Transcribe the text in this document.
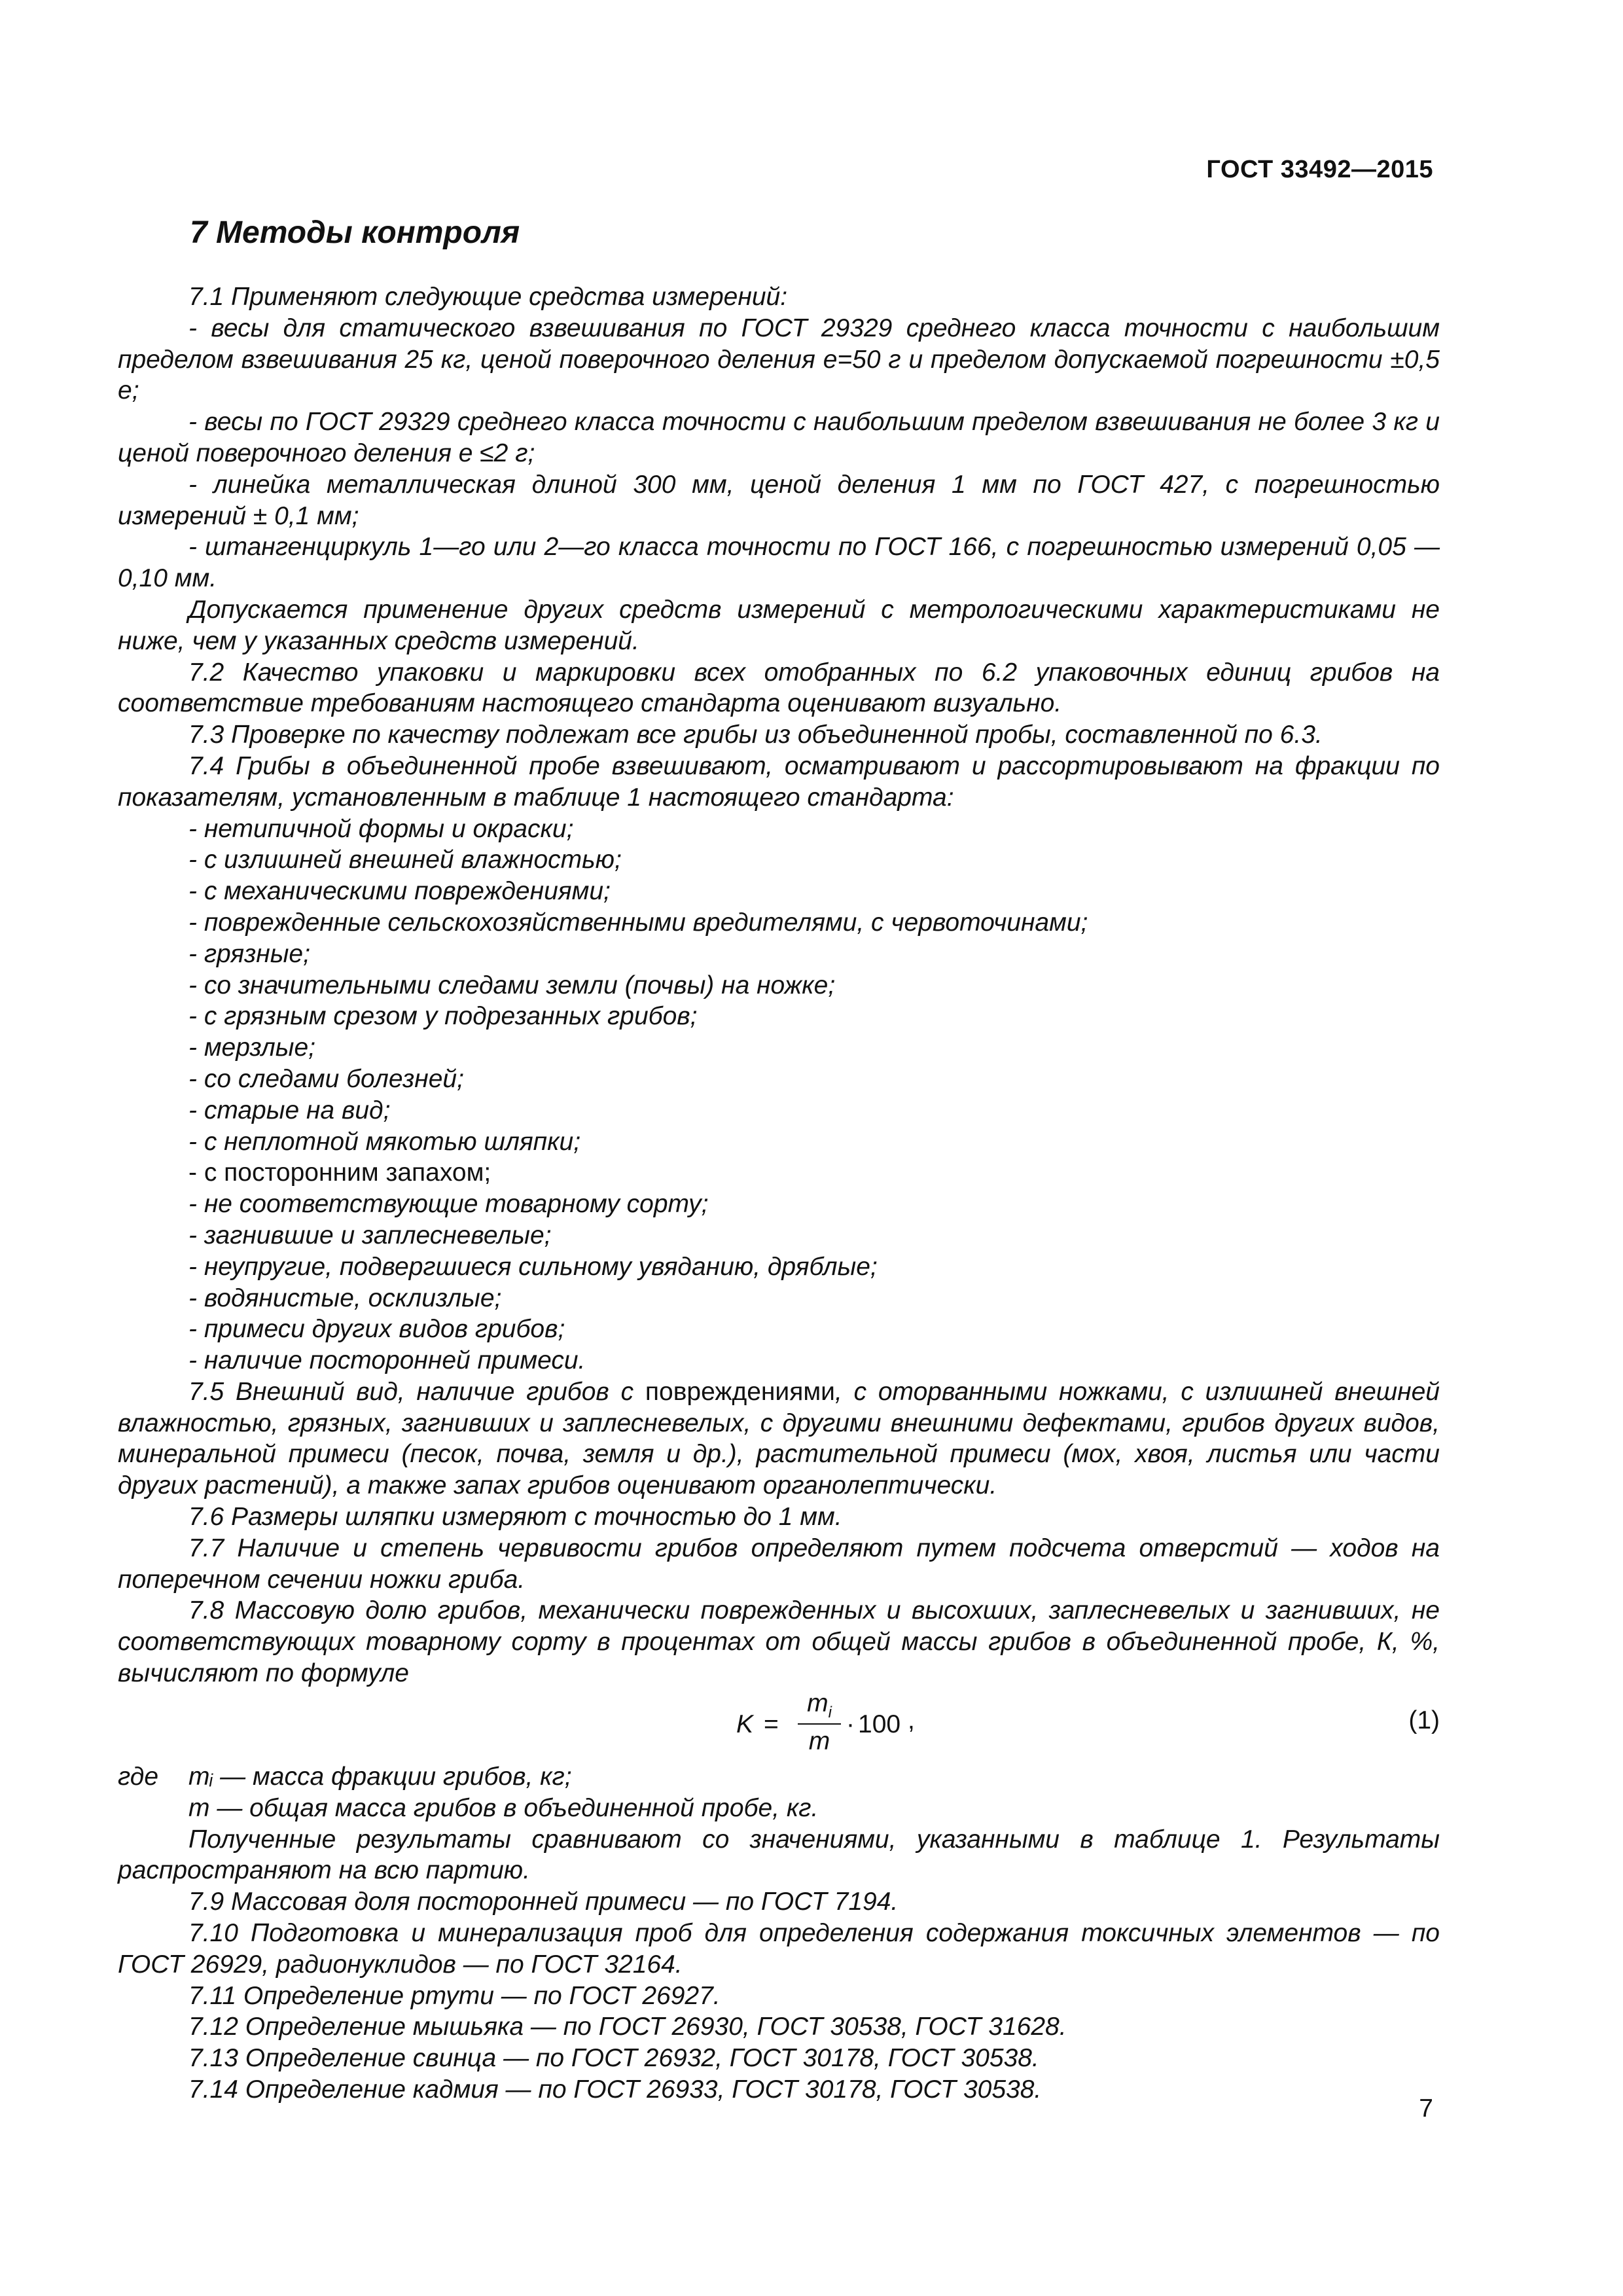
ГОСТ 33492—2015
7 Методы контроля

7.1 Применяют следующие средства измерений:

- весы для статического взвешивания по ГОСТ 29329 среднего класса точности с наибольшим пределом взвешивания 25 кг, ценой поверочного деления е=50 г и пределом допускаемой погрешности ±0,5 е;

- весы по ГОСТ 29329 среднего класса точности с наибольшим пределом взвешивания не более 3 кг и ценой поверочного деления е ≤2 г;

- линейка металлическая длиной 300 мм, ценой деления 1 мм по ГОСТ 427, с погрешностью измерений ± 0,1 мм;

- штангенциркуль 1—го или 2—го класса точности по ГОСТ 166, с погрешностью измерений 0,05 — 0,10 мм.

Допускается применение других средств измерений с метрологическими характеристиками не ниже, чем у указанных средств измерений.

7.2 Качество упаковки и маркировки всех отобранных по 6.2 упаковочных единиц грибов на соответствие требованиям настоящего стандарта оценивают визуально.

7.3 Проверке по качеству подлежат все грибы из объединенной пробы, составленной по 6.3.

7.4 Грибы в объединенной пробе взвешивают, осматривают и рассортировывают на фракции по показателям, установленным в таблице 1 настоящего стандарта:

- нетипичной формы и окраски;

- с излишней внешней влажностью;

- с механическими повреждениями;

- поврежденные сельскохозяйственными вредителями, с червоточинами;

- грязные;

- со значительными следами земли (почвы) на ножке;

- с грязным срезом у подрезанных грибов;

- мерзлые;

- со следами болезней;

- старые на вид;

- с неплотной мякотью шляпки;

- с посторонним запахом;

- не соответствующие товарному сорту;

- загнившие и заплесневелые;

- неупругие, подвергшиеся сильному увяданию, дряблые;

- водянистые, осклизлые;

- примеси других видов грибов;

- наличие посторонней примеси.

7.5 Внешний вид, наличие грибов с повреждениями, с оторванными ножками, с излишней внешней влажностью, грязных, загнивших и заплесневелых, с другими внешними дефектами, грибов других видов, минеральной примеси (песок, почва, земля и др.), растительной примеси (мох, хвоя, листья или части других растений), а также запах грибов оценивают органолептически.

7.6 Размеры шляпки измеряют с точностью до 1 мм.

7.7 Наличие и степень червивости грибов определяют путем подсчета отверстий — ходов на поперечном сечении ножки гриба.

7.8 Массовую долю грибов, механически поврежденных и высохших, заплесневелых и загнивших, не соответствующих товарному сорту в процентах от общей массы грибов в объединенной пробе, К, %, вычисляют по формуле

K =
$m_i$
m
· 100 ,	(1)
где mᵢ — масса фракции грибов, кг;

m — общая масса грибов в объединенной пробе, кг.

Полученные результаты сравнивают со значениями, указанными в таблице 1. Результаты распространяют на всю партию.

7.9 Массовая доля посторонней примеси — по ГОСТ 7194.

7.10 Подготовка и минерализация проб для определения содержания токсичных элементов — по ГОСТ 26929, радионуклидов — по ГОСТ 32164.

7.11 Определение ртути — по ГОСТ 26927.

7.12 Определение мышьяка — по ГОСТ 26930, ГОСТ 30538, ГОСТ 31628.

7.13 Определение свинца — по ГОСТ 26932, ГОСТ 30178, ГОСТ 30538.

7.14 Определение кадмия — по ГОСТ 26933, ГОСТ 30178, ГОСТ 30538.

7
